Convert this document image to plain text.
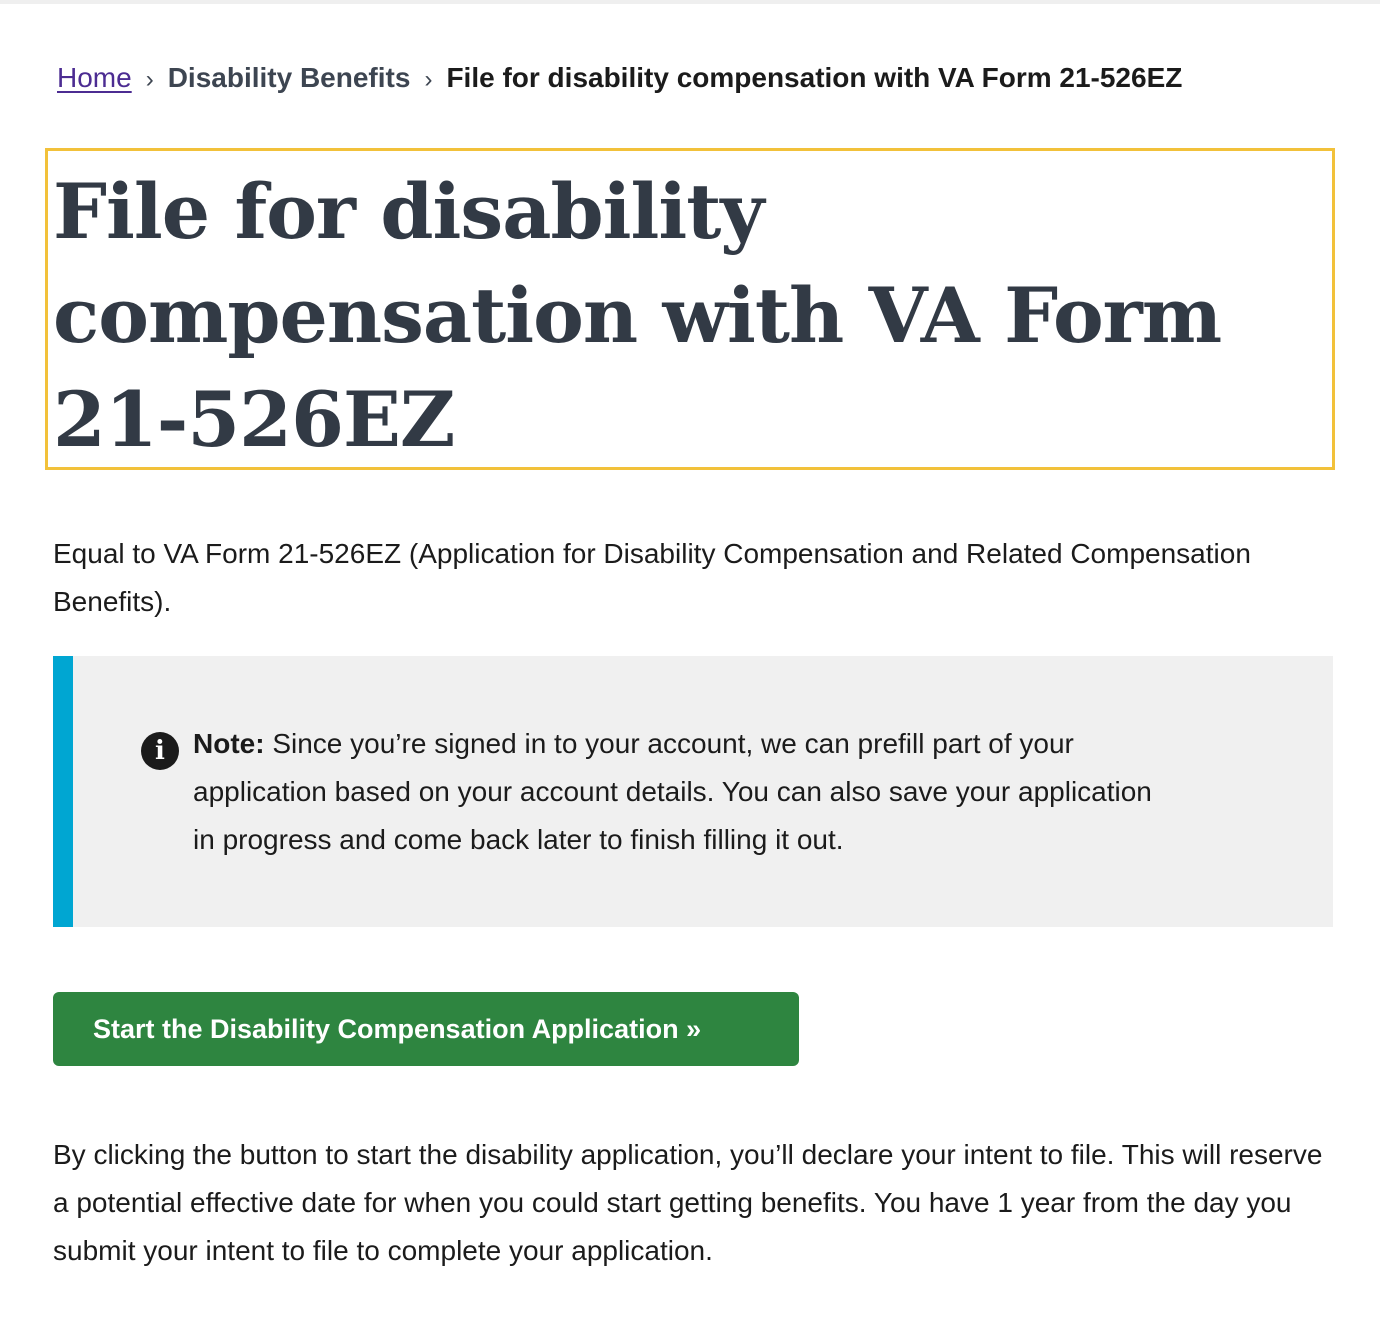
Home › Disability Benefits › File for disability compensation with VA Form 21-526EZ
File for disability compensation with VA Form 21-526EZ

Equal to VA Form 21-526EZ (Application for Disability Compensation and Related Compensation Benefits).

i	Note: Since you’re signed in to your account, we can prefill part of your application based on your account details. You can also save your application in progress and come back later to finish filling it out.

Start the Disability Compensation Application »

By clicking the button to start the disability application, you’ll declare your intent to file. This will reserve a potential effective date for when you could start getting benefits. You have 1 year from the day you submit your intent to file to complete your application.
